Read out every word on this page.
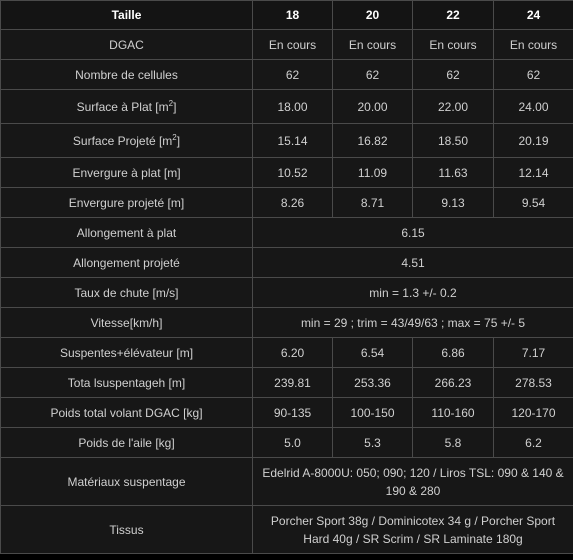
Taille	18	20	22	24
DGAC	En cours	En cours	En cours	En cours
Nombre de cellules	62	62	62	62
Surface à Plat $[m^2]$	18.00	20.00	22.00	24.00
Surface Projeté $[m^2]$	15.14	16.82	18.50	20.19
Envergure à plat [m]	10.52	11.09	11.63	12.14
Envergure projeté [m]	8.26	8.71	9.13	9.54
Allongement à plat	6.15			
Allongement projeté	4.51			
Taux de chute [m/s]	min = 1.3 +/- 0.2			
Vitesse[km/h]	min = 29 ; trim = 43/49/63 ; max = 75 +/- 5			
Suspentes+élévateur [m]	6.20	6.54	6.86	7.17
Tota lsuspentageh [m]	239.81	253.36	266.23	278.53
Poids total volant DGAC [kg]	90-135	100-150	110-160	120-170
Poids de l'aile [kg]	5.0	5.3	5.8	6.2
Matériaux suspentage	Edelrid A-8000U: 050; 090; 120 / Liros TSL: 090 & 140 &
190 & 280			

Tissus	Porcher Sport 38g / Dominicotex 34 g / Porcher Sport
Hard 40g / SR Scrim / SR Laminate 180g			
